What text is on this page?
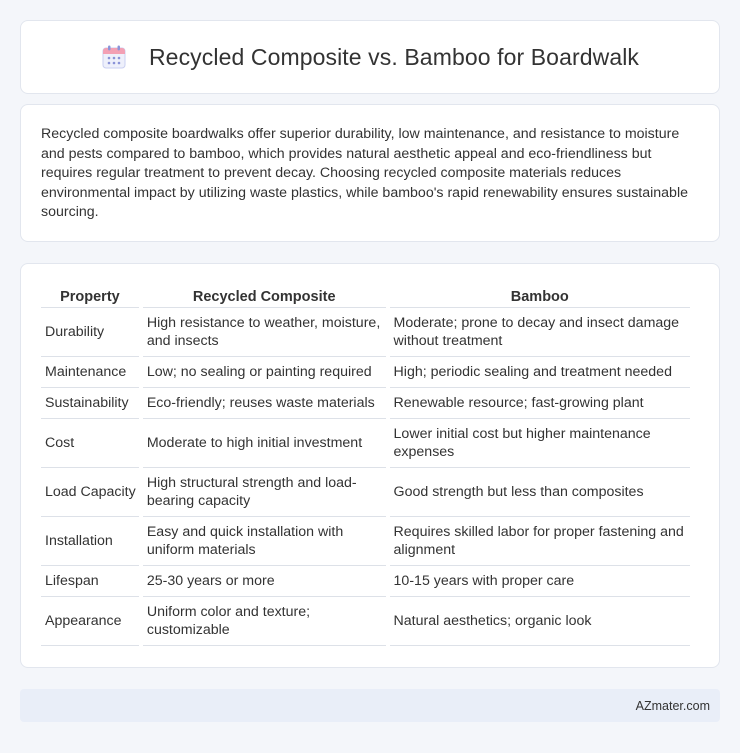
Recycled Composite vs. Bamboo for Boardwalk

Recycled composite boardwalks offer superior durability, low maintenance, and resistance to moisture and pests compared to bamboo, which provides natural aesthetic appeal and eco-friendliness but requires regular treatment to prevent decay. Choosing recycled composite materials reduces environmental impact by utilizing waste plastics, while bamboo's rapid renewability ensures sustainable sourcing.

Property	Recycled Composite	Bamboo
Durability	High resistance to weather, moisture, and insects	Moderate; prone to decay and insect damage without treatment
Maintenance	Low; no sealing or painting required	High; periodic sealing and treatment needed
Sustainability	Eco-friendly; reuses waste materials	Renewable resource; fast-growing plant
Cost	Moderate to high initial investment	Lower initial cost but higher maintenance expenses
Load Capacity	High structural strength and load-bearing capacity	Good strength but less than composites
Installation	Easy and quick installation with uniform materials	Requires skilled labor for proper fastening and alignment
Lifespan	25-30 years or more	10-15 years with proper care
Appearance	Uniform color and texture; customizable	Natural aesthetics; organic look
AZmater.com
